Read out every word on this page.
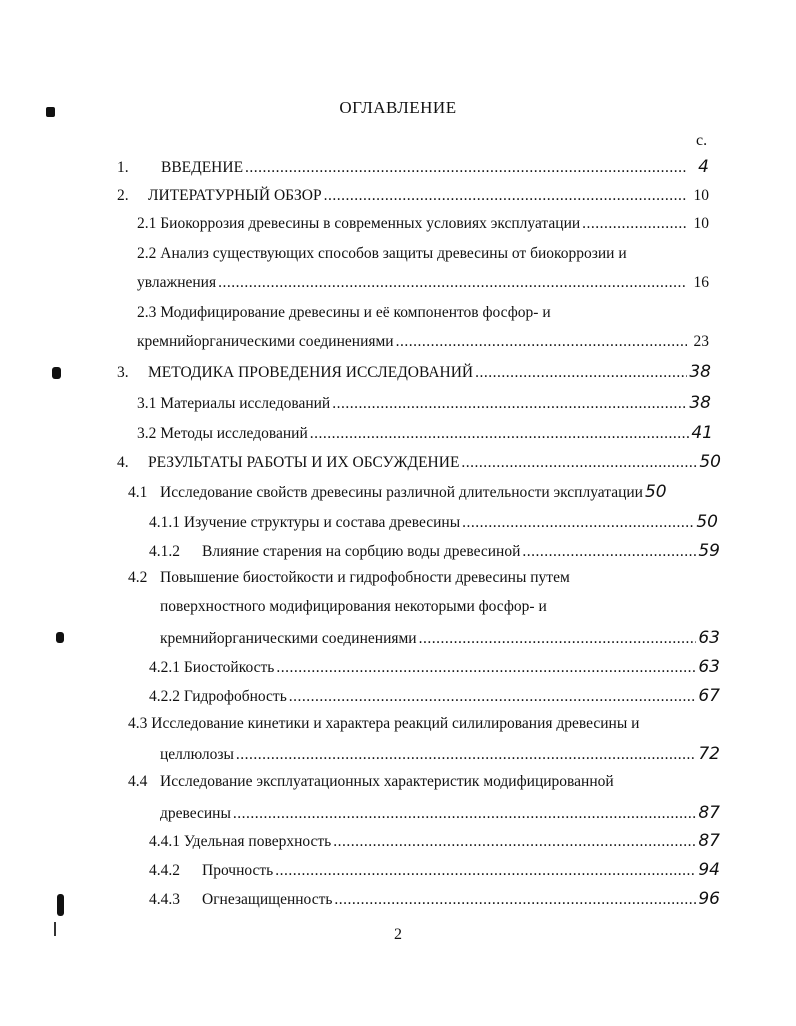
ОГЛАВЛЕНИЕ
с.
1.	ВВЕДЕНИЕ .....	4
2.	ЛИТЕРАТУРНЫЙ ОБЗОР .....	10
2.1 Биокоррозия древесины в современных условиях эксплуатации .....	10
2.2 Анализ существующих способов защиты древесины от биокоррозии и
увлажнения .....	16
2.3 Модифицирование древесины и её компонентов фосфор- и
кремнийорганическими соединениями .....	23
3.	МЕТОДИКА ПРОВЕДЕНИЯ ИССЛЕДОВАНИЙ .....	38
3.1 Материалы исследований .....	38
3.2 Методы исследований .....	41
4.	РЕЗУЛЬТАТЫ РАБОТЫ И ИХ ОБСУЖДЕНИЕ .....	50
4.1 Исследование свойств древесины различной длительности эксплуатации 50
4.1.1 Изучение структуры и состава древесины .....	50
4.1.2	Влияние старения на сорбцию воды древесиной .....	59
4.2 Повышение биостойкости и гидрофобности древесины путем
поверхностного модифицирования некоторыми фосфор- и
кремнийорганическими соединениями .....	63
4.2.1 Биостойкость .....	63
4.2.2 Гидрофобность .....	67
4.3 Исследование кинетики и характера реакций силилирования древесины и
целлюлозы .....	72
4.4 Исследование эксплуатационных характеристик модифицированной
древесины .....	87
4.4.1 Удельная поверхность .....	87
4.4.2	Прочность .....	94
4.4.3	Огнезащищенность .....	96
2
